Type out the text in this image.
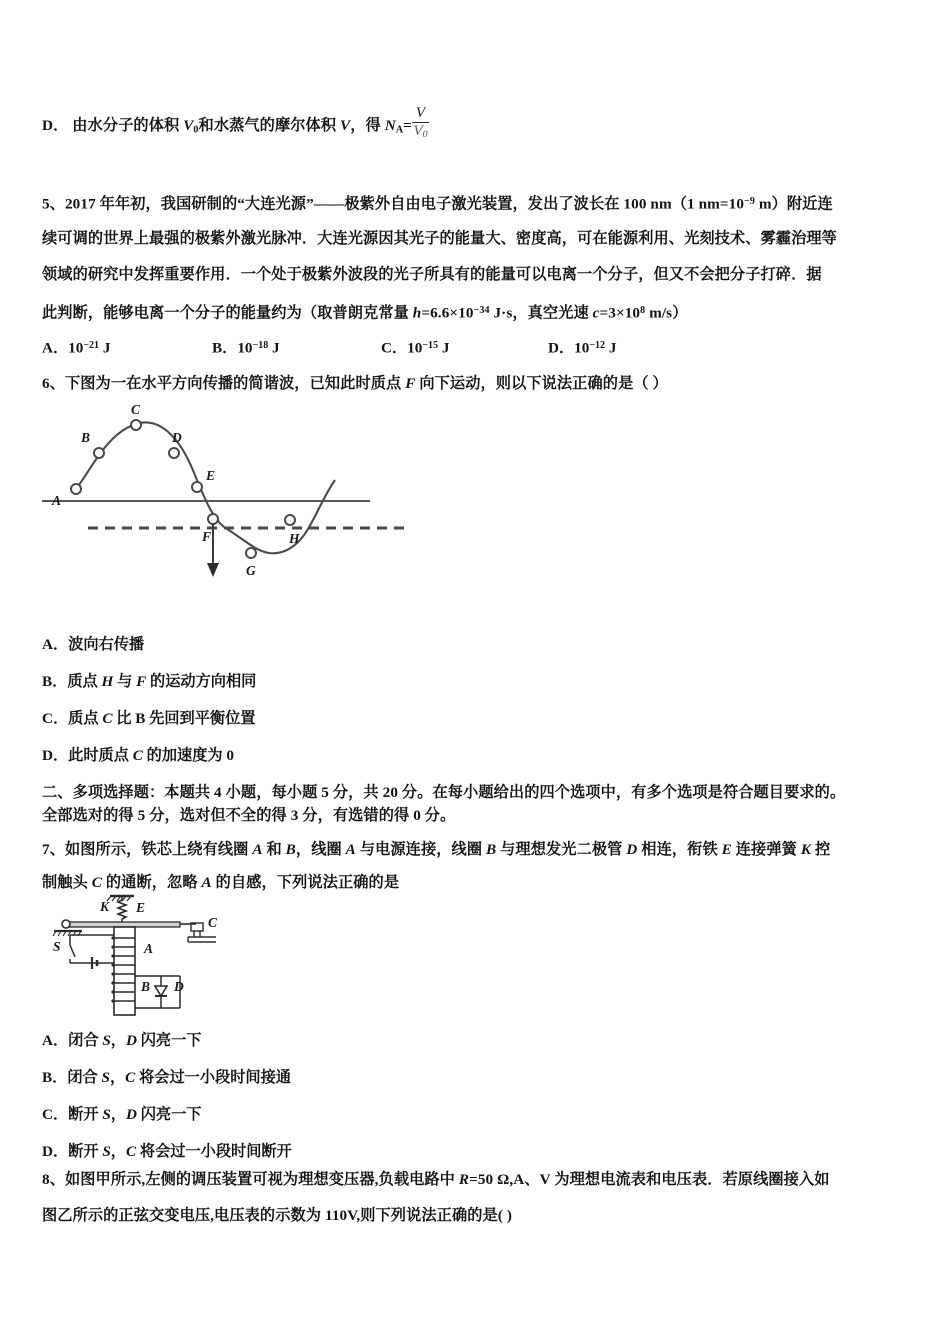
D． 由水分子的体积 $V_0$和水蒸气的摩尔体积 V，得 $N_A= \frac{V}{V_0}$
5、2017 年年初，我国研制的“大连光源”——极紫外自由电子激光装置，发出了波长在 100 nm（1 $nm=10^{-9}$ m）附近连
续可调的世界上最强的极紫外激光脉冲．大连光源因其光子的能量大、密度高，可在能源利用、光刻技术、雾霾治理等
领域的研究中发挥重要作用．一个处于极紫外波段的光子所具有的能量可以电离一个分子，但又不会把分子打碎．据
此判断，能够电离一个分子的能量约为（取普朗克常量 $h=6.6\times 10^{-34}$ J·s，真空光速 $c=3\times 10^8$ m/s）
A．$10^{-21}$ J	B．$10^{-18}$ J	C．$10^{-15}$ J	D．$10^{-12}$ J
6、下图为一在水平方向传播的简谐波，已知此时质点 F 向下运动，则以下说法正确的是（ ）
A
B
C
D
E
F
G
H
A．波向右传播
B．质点 H 与 F 的运动方向相同
C．质点 C 比 B 先回到平衡位置
D．此时质点 C 的加速度为 0
二、多项选择题：本题共 4 小题，每小题 5 分，共 20 分。在每小题给出的四个选项中，有多个选项是符合题目要求的。
全部选对的得 5 分，选对但不全的得 3 分，有选错的得 0 分。
7、如图所示，铁芯上绕有线圈 A 和 B，线圈 A 与电源连接，线圈 B 与理想发光二极管 D 相连，衔铁 E 连接弹簧 K 控
制触头 C 的通断，忽略 A 的自感，下列说法正确的是
K E
C
S	A
B D
A．闭合 S，D 闪亮一下
B．闭合 S，C 将会过一小段时间接通
C．断开 S，D 闪亮一下
D．断开 S，C 将会过一小段时间断开
8、如图甲所示,左侧的调压装置可视为理想变压器,负载电路中 R=50 Ω,A、V 为理想电流表和电压表．若原线圈接入如
图乙所示的正弦交变电压,电压表的示数为 110V,则下列说法正确的是( )
